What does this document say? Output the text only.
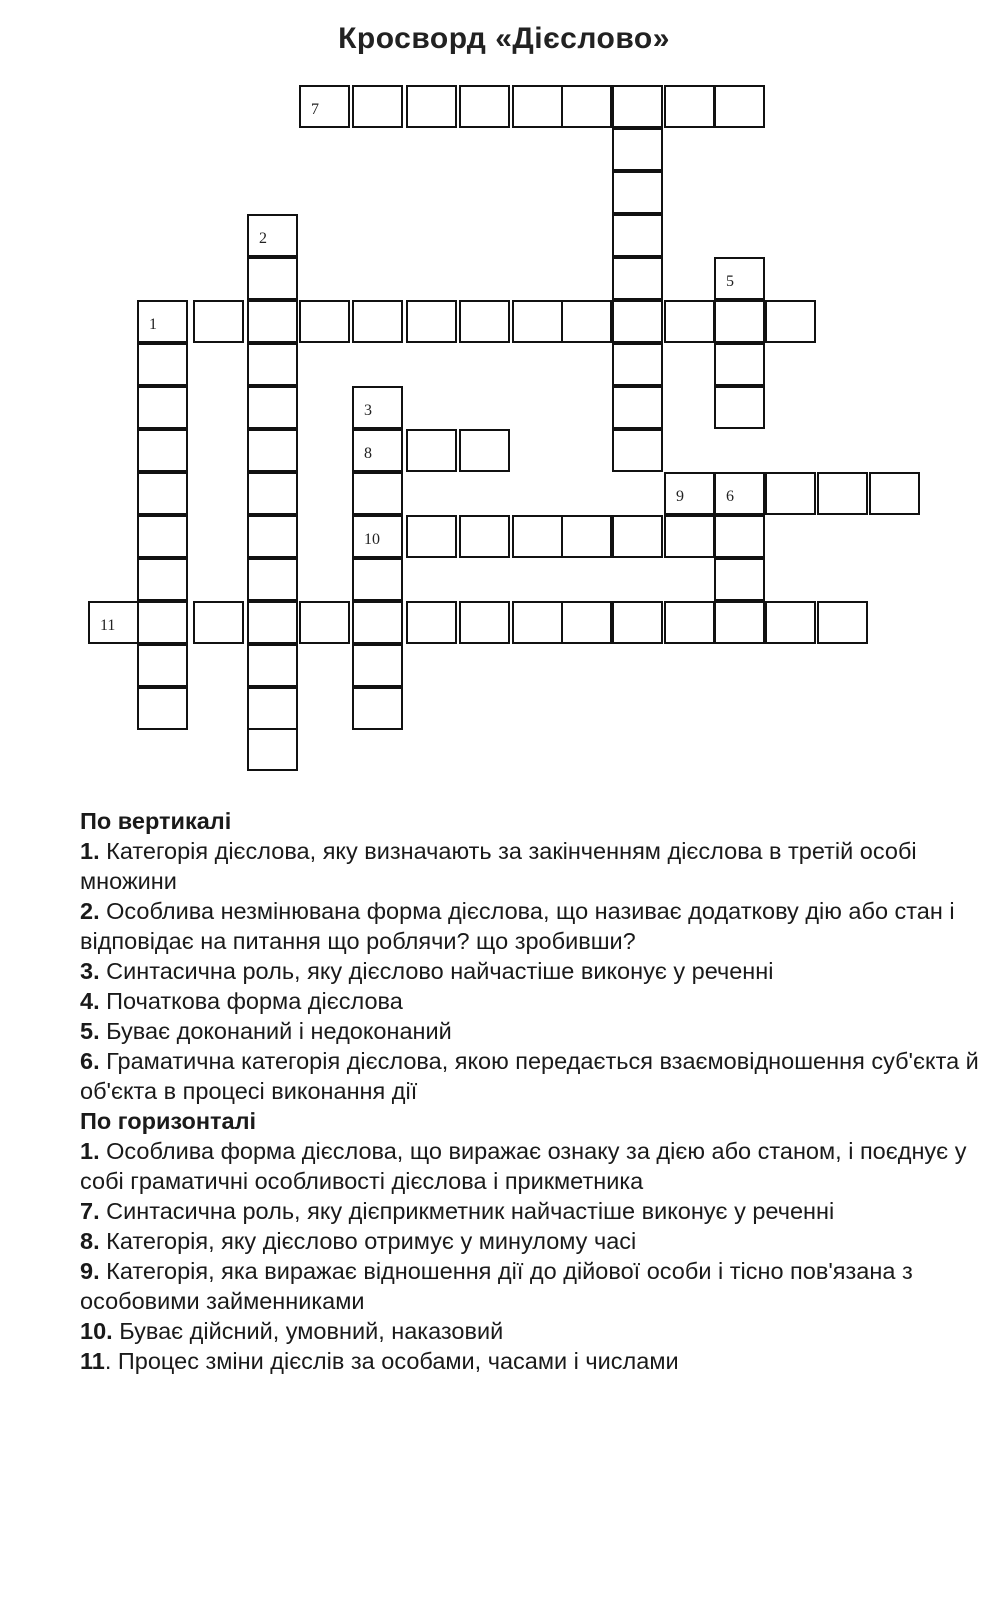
Кросворд «Дієслово»
7
2
5
1
3
8
10
9	6
11
По вертикалі

1. Категорія дієслова, яку визначають за закінченням дієслова в третій особі множини

2. Особлива незмінювана форма дієслова, що називає додаткову дію або стан і відповідає на питання що роблячи? що зробивши?

3. Синтасична роль, яку дієслово найчастіше виконує у реченні

4. Початкова форма дієслова

5. Буває доконаний і недоконаний

6. Граматична категорія дієслова, якою передається взаємовідношення суб'єкта й об'єкта в процесі виконання дії

По горизонталі

1. Особлива форма дієслова, що виражає ознаку за дією або станом, і поєднує у собі граматичні особливості дієслова і прикметника

7. Синтасична роль, яку дієприкметник найчастіше виконує у реченні

8. Категорія, яку дієслово отримує у минулому часі

9. Категорія, яка виражає відношення дії до дійової особи і тісно пов'язана з особовими займенниками

10. Буває дійсний, умовний, наказовий

11. Процес зміни дієслів за особами, часами і числами
